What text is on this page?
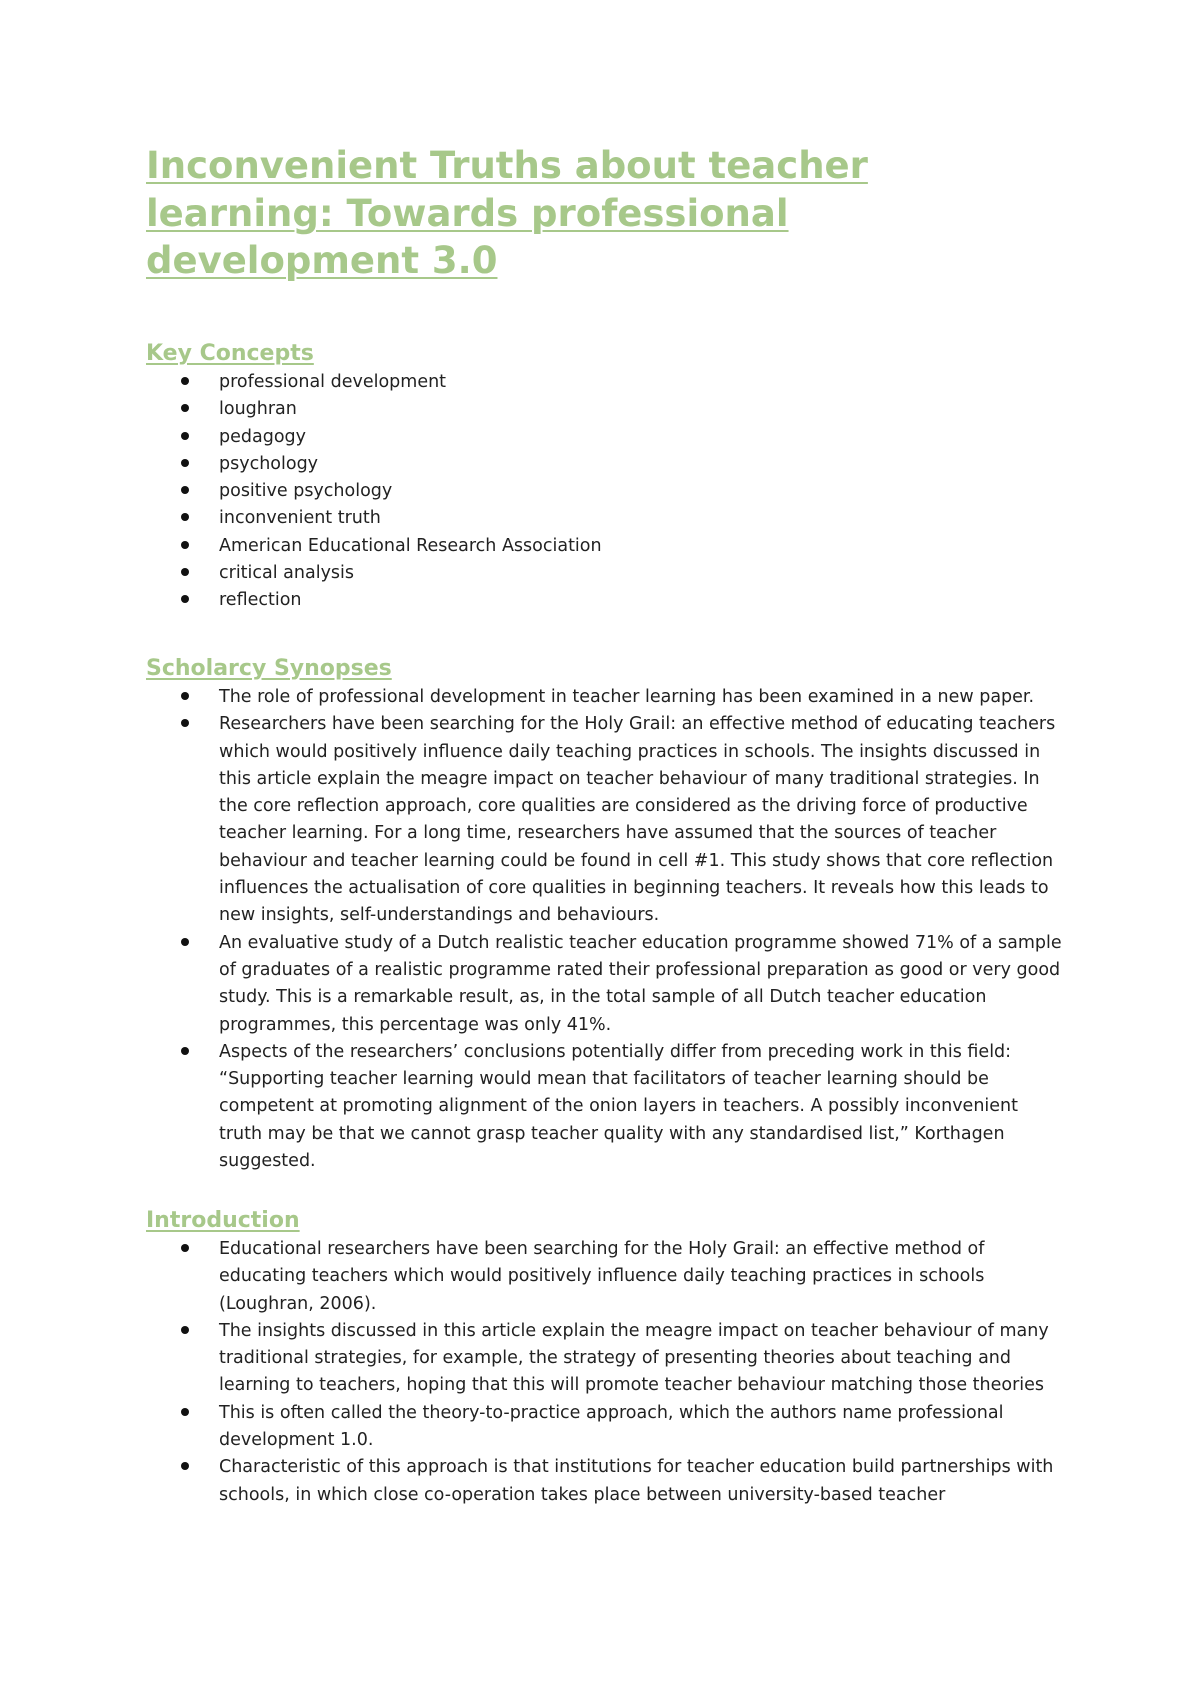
Inconvenient Truths about teacher
learning: Towards professional
development 3.0
Key Concepts
professional development
loughran
pedagogy
psychology
positive psychology
inconvenient truth
American Educational Research Association
critical analysis
reflection
Scholarcy Synopses
The role of professional development in teacher learning has been examined in a new paper.
Researchers have been searching for the Holy Grail: an effective method of educating teachers which would positively influence daily teaching practices in schools. The insights discussed in this article explain the meagre impact on teacher behaviour of many traditional strategies. In the core reflection approach, core qualities are considered as the driving force of productive teacher learning. For a long time, researchers have assumed that the sources of teacher behaviour and teacher learning could be found in cell #1. This study shows that core reflection influences the actualisation of core qualities in beginning teachers. It reveals how this leads to new insights, self-understandings and behaviours.
An evaluative study of a Dutch realistic teacher education programme showed 71% of a sample of graduates of a realistic programme rated their professional preparation as good or very good study. This is a remarkable result, as, in the total sample of all Dutch teacher education programmes, this percentage was only 41%.
Aspects of the researchers’ conclusions potentially differ from preceding work in this field: “Supporting teacher learning would mean that facilitators of teacher learning should be competent at promoting alignment of the onion layers in teachers. A possibly inconvenient truth may be that we cannot grasp teacher quality with any standardised list,” Korthagen suggested.
Introduction
Educational researchers have been searching for the Holy Grail: an effective method of educating teachers which would positively influence daily teaching practices in schools (Loughran, 2006).
The insights discussed in this article explain the meagre impact on teacher behaviour of many traditional strategies, for example, the strategy of presenting theories about teaching and learning to teachers, hoping that this will promote teacher behaviour matching those theories
This is often called the theory-to-practice approach, which the authors name professional development 1.0.
Characteristic of this approach is that institutions for teacher education build partnerships with schools, in which close co-operation takes place between university-based teacher
